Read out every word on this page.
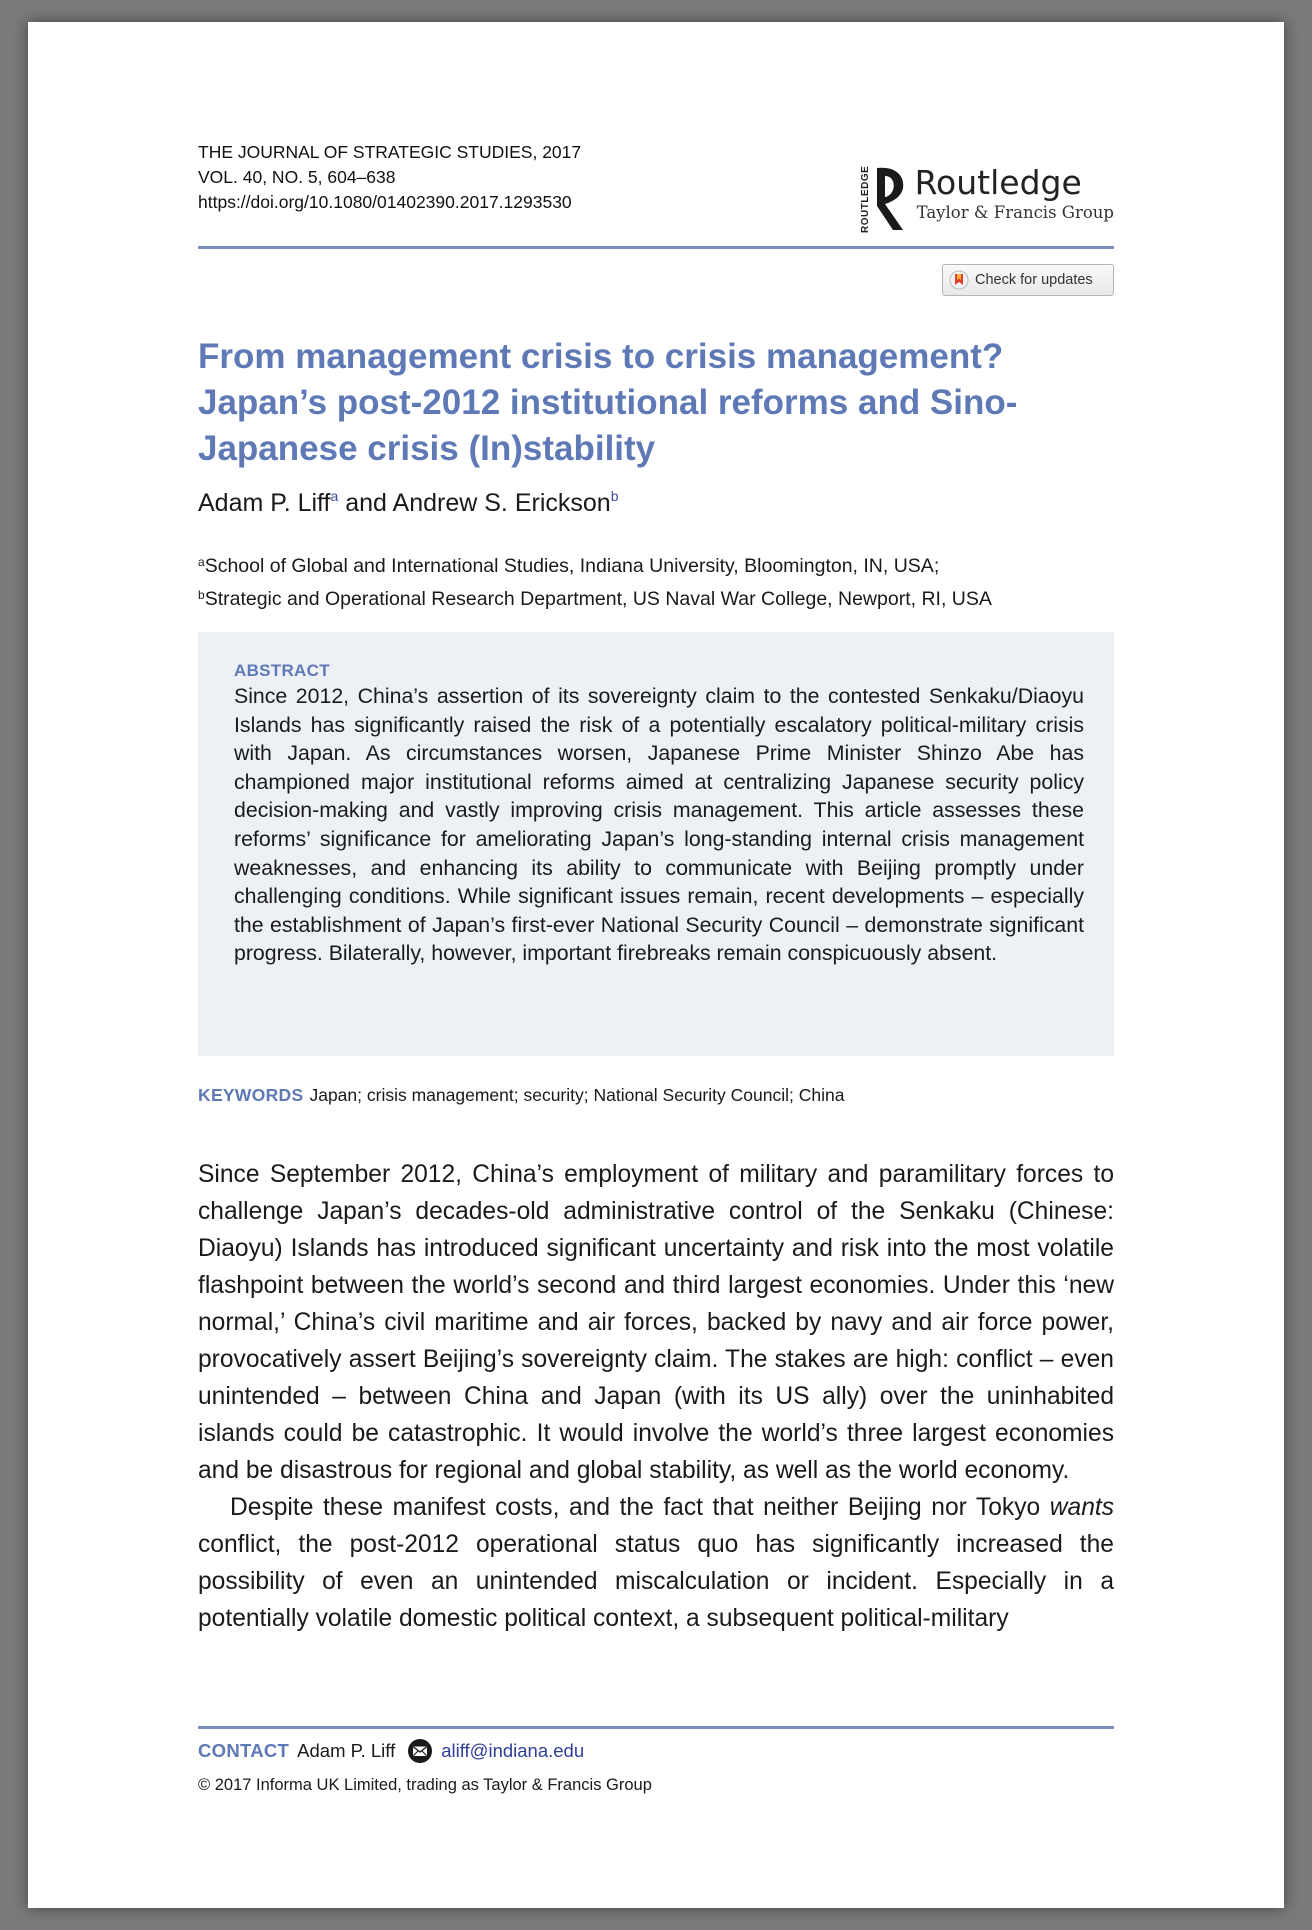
THE JOURNAL OF STRATEGIC STUDIES, 2017
VOL. 40, NO. 5, 604–638
https://doi.org/10.1080/01402390.2017.1293530	ROUTLEDGE Routledge
Taylor & Francis Group
Check for updates
From management crisis to crisis management? Japan’s post-2012 institutional reforms and Sino-Japanese crisis (In)stability
Adam P. Liff$^a$ and Andrew S. Erickson$^b$
$^a$School of Global and International Studies, Indiana University, Bloomington, IN, USA;
$^b$Strategic and Operational Research Department, US Naval War College, Newport, RI, USA
ABSTRACT

Since 2012, China’s assertion of its sovereignty claim to the contested Senkaku/Diaoyu Islands has significantly raised the risk of a potentially escalatory political-military crisis with Japan. As circumstances worsen, Japanese Prime Minister Shinzo Abe has championed major institutional reforms aimed at centralizing Japanese security policy decision-making and vastly improving crisis management. This article assesses these reforms’ significance for ameliorating Japan’s long-standing internal crisis management weaknesses, and enhancing its ability to communicate with Beijing promptly under challenging conditions. While significant issues remain, recent developments – especially the establishment of Japan’s first-ever National Security Council – demonstrate significant progress. Bilaterally, however, important firebreaks remain conspicuously absent.

KEYWORDS Japan; crisis management; security; National Security Council; China

Since September 2012, China’s employment of military and paramilitary forces to challenge Japan’s decades-old administrative control of the Senkaku (Chinese: Diaoyu) Islands has introduced significant uncertainty and risk into the most volatile flashpoint between the world’s second and third largest economies. Under this ‘new normal,’ China’s civil maritime and air forces, backed by navy and air force power, provocatively assert Beijing’s sovereignty claim. The stakes are high: conflict – even unintended – between China and Japan (with its US ally) over the uninhabited islands could be catastrophic. It would involve the world’s three largest economies and be disastrous for regional and global stability, as well as the world economy.

Despite these manifest costs, and the fact that neither Beijing nor Tokyo wants conflict, the post-2012 operational status quo has significantly increased the possibility of even an unintended miscalculation or incident. Especially in a potentially volatile domestic political context, a subsequent political-military

CONTACT Adam P. Liff aliff@indiana.edu
© 2017 Informa UK Limited, trading as Taylor & Francis Group
